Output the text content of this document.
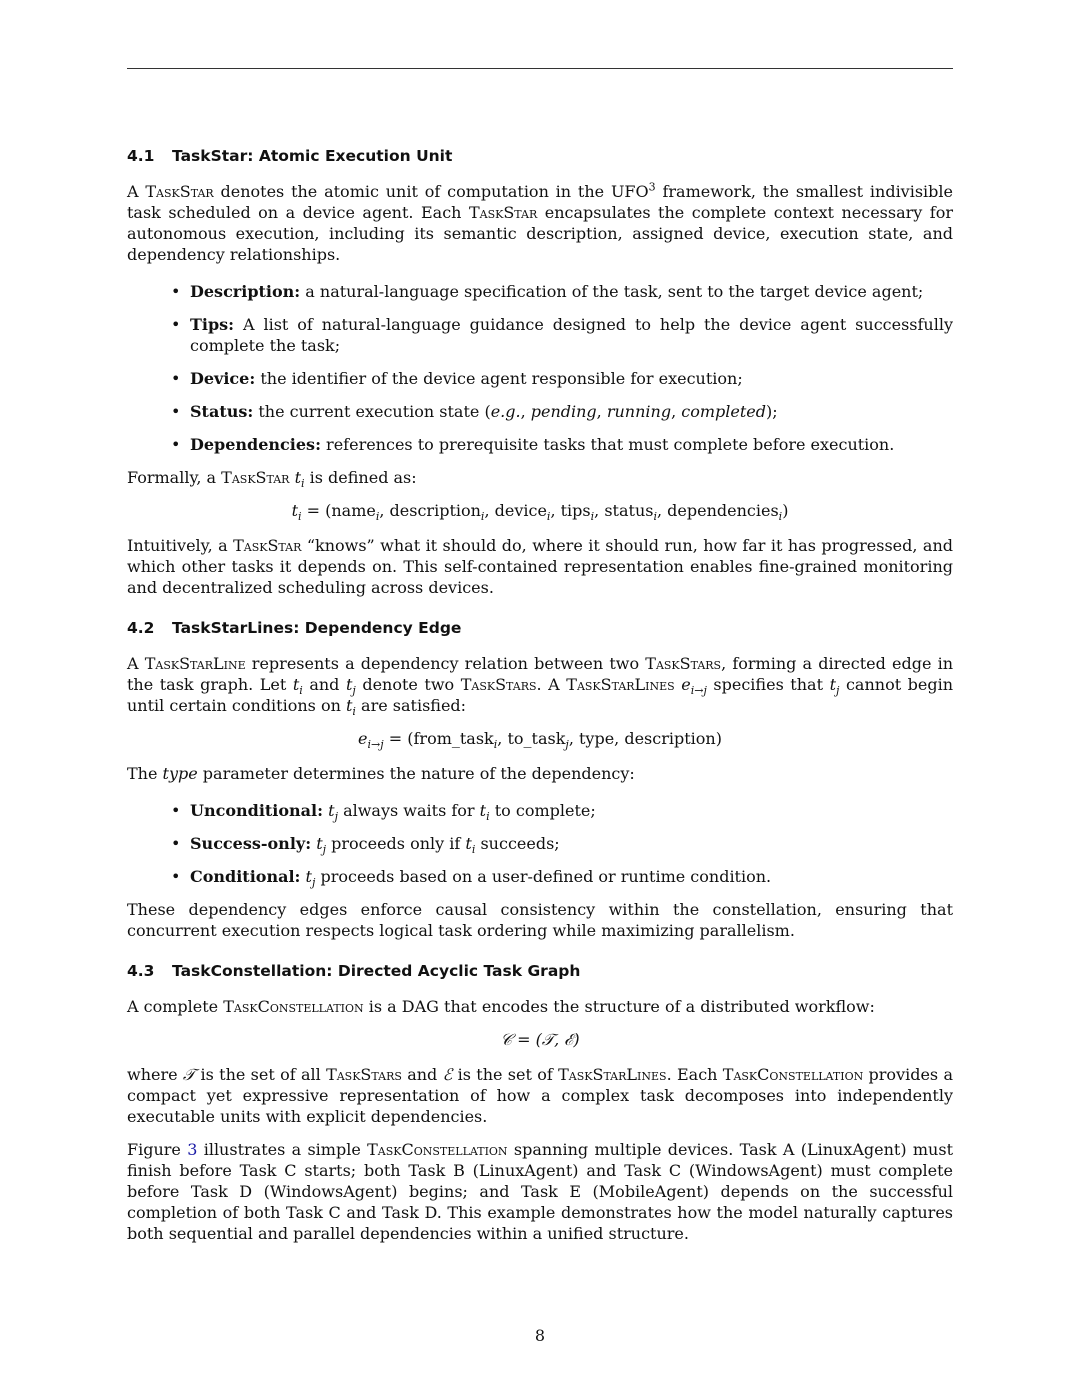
4.1 TaskStar: Atomic Execution Unit

A TaskStar denotes the atomic unit of computation in the UFO$^3$ framework, the smallest indivisible task scheduled on a device agent. Each TaskStar encapsulates the complete context necessary for autonomous execution, including its semantic description, assigned device, execution state, and dependency relationships.

• Description: a natural-language specification of the task, sent to the target device agent;
• Tips: A list of natural-language guidance designed to help the device agent successfully complete the task;
• Device: the identifier of the device agent responsible for execution;
• Status: the current execution state (e.g., pending, running, completed);
• Dependencies: references to prerequisite tasks that must complete before execution.

Formally, a TaskStar $t_i$ is defined as:

$t_i$ = (name$_i$, description$_i$, device$_i$, tips$_i$, status$_i$, dependencies$_i$)

Intuitively, a TaskStar “knows” what it should do, where it should run, how far it has progressed, and which other tasks it depends on. This self-contained representation enables fine-grained monitoring and decentralized scheduling across devices.

4.2 TaskStarLines: Dependency Edge

A TaskStarLine represents a dependency relation between two TaskStars, forming a directed edge in the task graph. Let $t_i$ and $t_j$ denote two TaskStars. A TaskStarLines $e_{i\to j}$ specifies that $t_j$ cannot begin until certain conditions on $t_i$ are satisfied:

$e_{i\to j}$ = (from_task$_i$, to_task$_j$, type, description)

The type parameter determines the nature of the dependency:

• Unconditional: $t_j$ always waits for $t_i$ to complete;
• Success-only: $t_j$ proceeds only if $t_i$ succeeds;
• Conditional: $t_j$ proceeds based on a user-defined or runtime condition.

These dependency edges enforce causal consistency within the constellation, ensuring that concurrent execution respects logical task ordering while maximizing parallelism.

4.3 TaskConstellation: Directed Acyclic Task Graph

A complete TaskConstellation is a DAG that encodes the structure of a distributed workflow:

𝒞 = (𝒯, ℰ)

where 𝒯 is the set of all TaskStars and ℰ is the set of TaskStarLines. Each TaskConstellation provides a compact yet expressive representation of how a complex task decomposes into independently executable units with explicit dependencies.

Figure 3 illustrates a simple TaskConstellation spanning multiple devices. Task A (LinuxAgent) must finish before Task C starts; both Task B (LinuxAgent) and Task C (WindowsAgent) must complete before Task D (WindowsAgent) begins; and Task E (MobileAgent) depends on the successful completion of both Task C and Task D. This example demonstrates how the model naturally captures both sequential and parallel dependencies within a unified structure.

8
